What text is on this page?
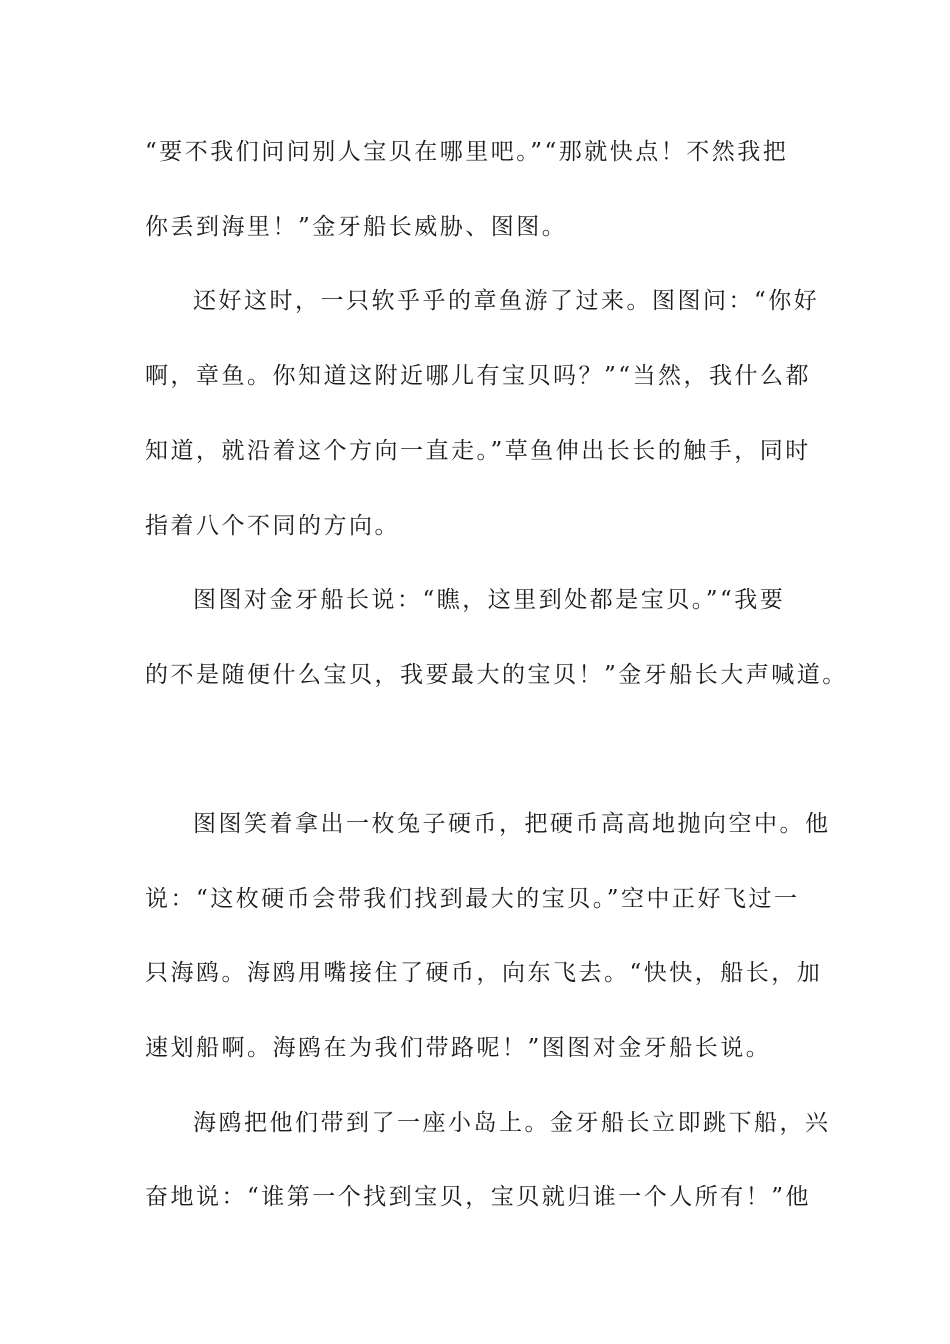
“要不我们问问别人宝贝在哪里吧。”“那就快点！不然我把
你丢到海里！”金牙船长威胁、图图。
还好这时，一只软乎乎的章鱼游了过来。图图问：“你好
啊，章鱼。你知道这附近哪儿有宝贝吗？”“当然，我什么都
知道，就沿着这个方向一直走。”草鱼伸出长长的触手，同时
指着八个不同的方向。
图图对金牙船长说：“瞧，这里到处都是宝贝。”“我要
的不是随便什么宝贝，我要最大的宝贝！”金牙船长大声喊道。
图图笑着拿出一枚兔子硬币，把硬币高高地抛向空中。他
说：“这枚硬币会带我们找到最大的宝贝。”空中正好飞过一
只海鸥。海鸥用嘴接住了硬币，向东飞去。“快快，船长，加
速划船啊。海鸥在为我们带路呢！”图图对金牙船长说。
海鸥把他们带到了一座小岛上。金牙船长立即跳下船，兴
奋地说：“谁第一个找到宝贝，宝贝就归谁一个人所有！”他
